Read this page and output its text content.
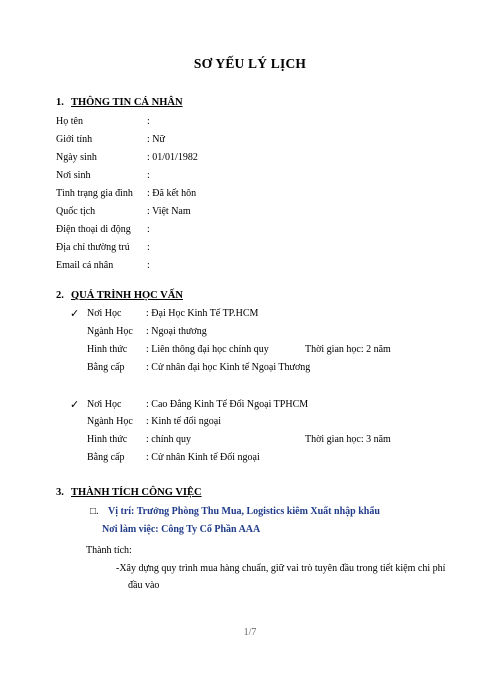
SƠ YẾU LÝ LỊCH
1. THÔNG TIN CÁ NHÂN
Họ tên	:
Giới tính	: Nữ
Ngày sinh	: 01/01/1982
Nơi sinh	:
Tình trạng gia đình : Đã kết hôn
Quốc tịch	: Việt Nam
Điện thoại di động :
Địa chỉ thường trú :
Email cá nhân	:
2. QUÁ TRÌNH HỌC VẤN
✓ Nơi Học : Đại Học Kinh Tế TP.HCM
Ngành Học : Ngoại thương
Hình thức : Liên thông đại học chính quy	Thời gian học: 2 năm
Bằng cấp : Cử nhân đại học Kinh tế Ngoại Thương
✓ Nơi Học : Cao Đẳng Kinh Tế Đối Ngoại TPHCM
Ngành Học : Kinh tế đối ngoại
Hình thức : chính quy	Thời gian học: 3 năm
Bằng cấp : Cử nhân Kinh tế Đối ngoại
3. THÀNH TÍCH CÔNG VIỆC
□. Vị trí: Trưởng Phòng Thu Mua, Logistics kiêm Xuất nhập khẩu
Nơi làm việc: Công Ty Cổ Phần AAA
Thành tích:
-Xây dựng quy trình mua hàng chuẩn, giữ vai trò tuyên đầu trong tiết kiệm chi phí
đầu vào
1/7
